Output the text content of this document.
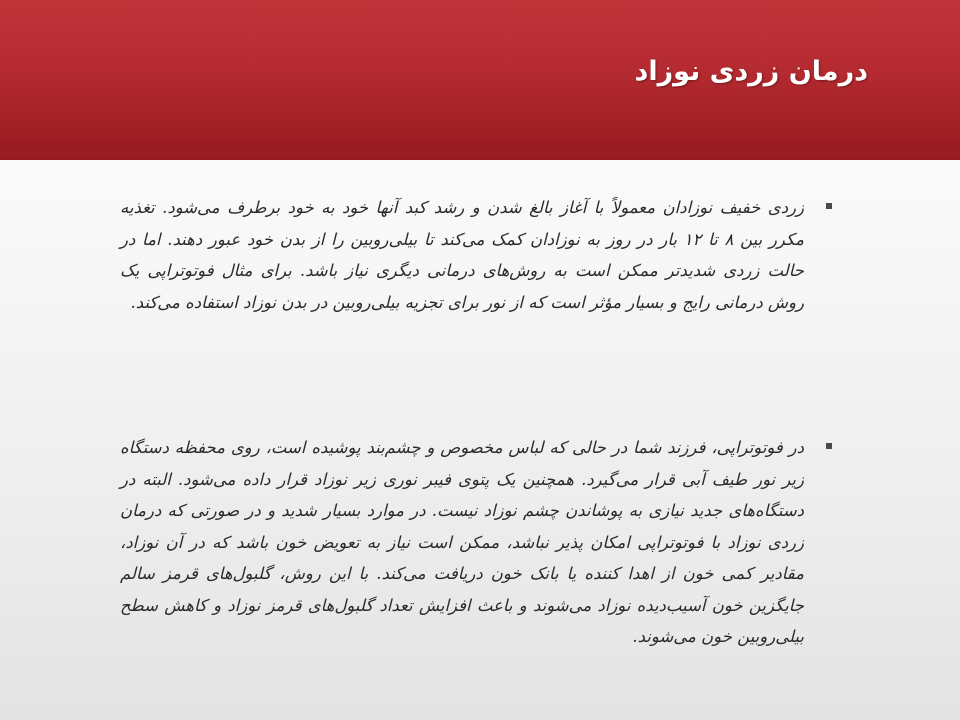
درمان زردی نوزاد

زردی خفیف نوزادان معمولاً با آغاز بالغ شدن و رشد کبد آنها خود به خود برطرف می‌شود. تغذیه مکرر بین ۸ تا ۱۲ بار در روز به نوزادان کمک می‌کند تا بیلی‌روبین را از بدن خود عبور دهند. اما در حالت زردی شدیدتر ممکن است به روش‌های درمانی دیگری نیاز باشد. برای مثال فوتوتراپی یک روش درمانی رایج و بسیار مؤثر است که از نور برای تجزیه بیلی‌روبین در بدن نوزاد استفاده می‌کند.

در فوتوتراپی، فرزند شما در حالی که لباس مخصوص و چشم‌بند پوشیده است، روی محفظه دستگاه زیر نور طیف آبی قرار می‌گیرد. همچنین یک پتوی فیبر نوری زیر نوزاد قرار داده می‌شود. البته در دستگاه‌های جدید نیازی به پوشاندن چشم نوزاد نیست. در موارد بسیار شدید و در صورتی که درمان زردی نوزاد با فوتوتراپی امکان پذیر نباشد، ممکن است نیاز به تعویض خون باشد که در آن نوزاد، مقادیر کمی خون از اهدا کننده یا بانک خون دریافت می‌کند. با این روش، گلبول‌های قرمز سالم جایگزین خون آسیب‌دیده نوزاد می‌شوند و باعث افزایش تعداد گلبول‌های قرمز نوزاد و کاهش سطح بیلی‌روبین خون می‌شوند.
